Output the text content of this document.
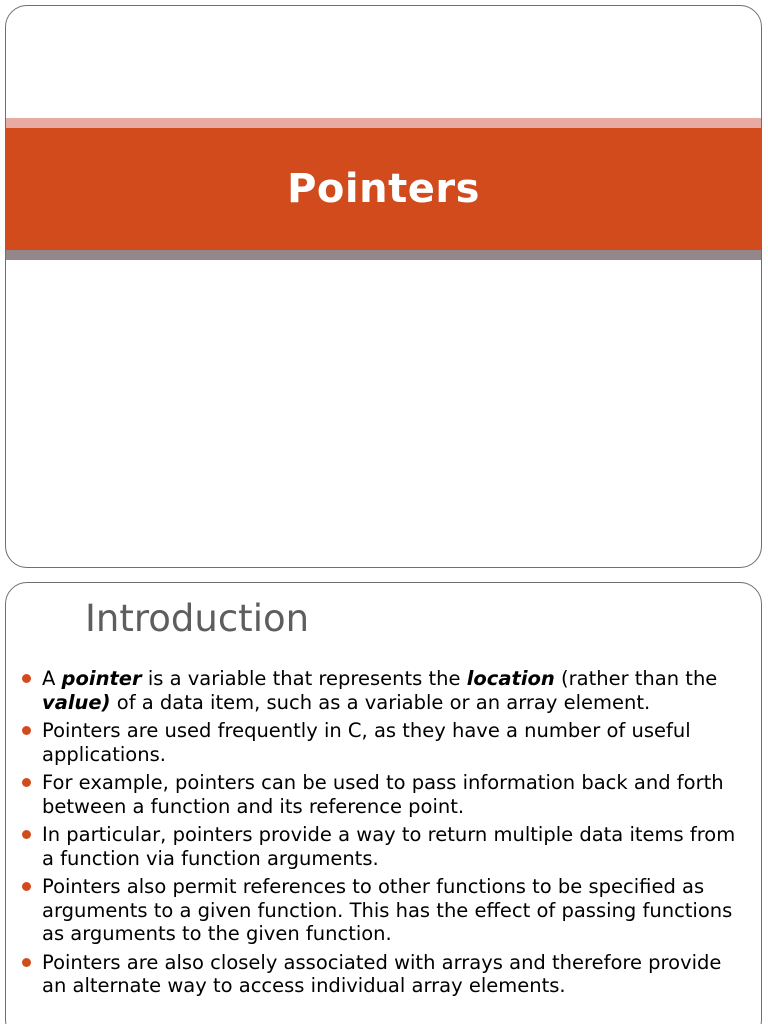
Pointers
Introduction
A pointer is a variable that represents the location (rather than the value) of a data item, such as a variable or an array element.
Pointers are used frequently in C, as they have a number of useful applications.
For example, pointers can be used to pass information back and forth between a function and its reference point.
In particular, pointers provide a way to return multiple data items from a function via function arguments.
Pointers also permit references to other functions to be specified as arguments to a given function. This has the effect of passing functions as arguments to the given function.
Pointers are also closely associated with arrays and therefore provide an alternate way to access individual array elements.
